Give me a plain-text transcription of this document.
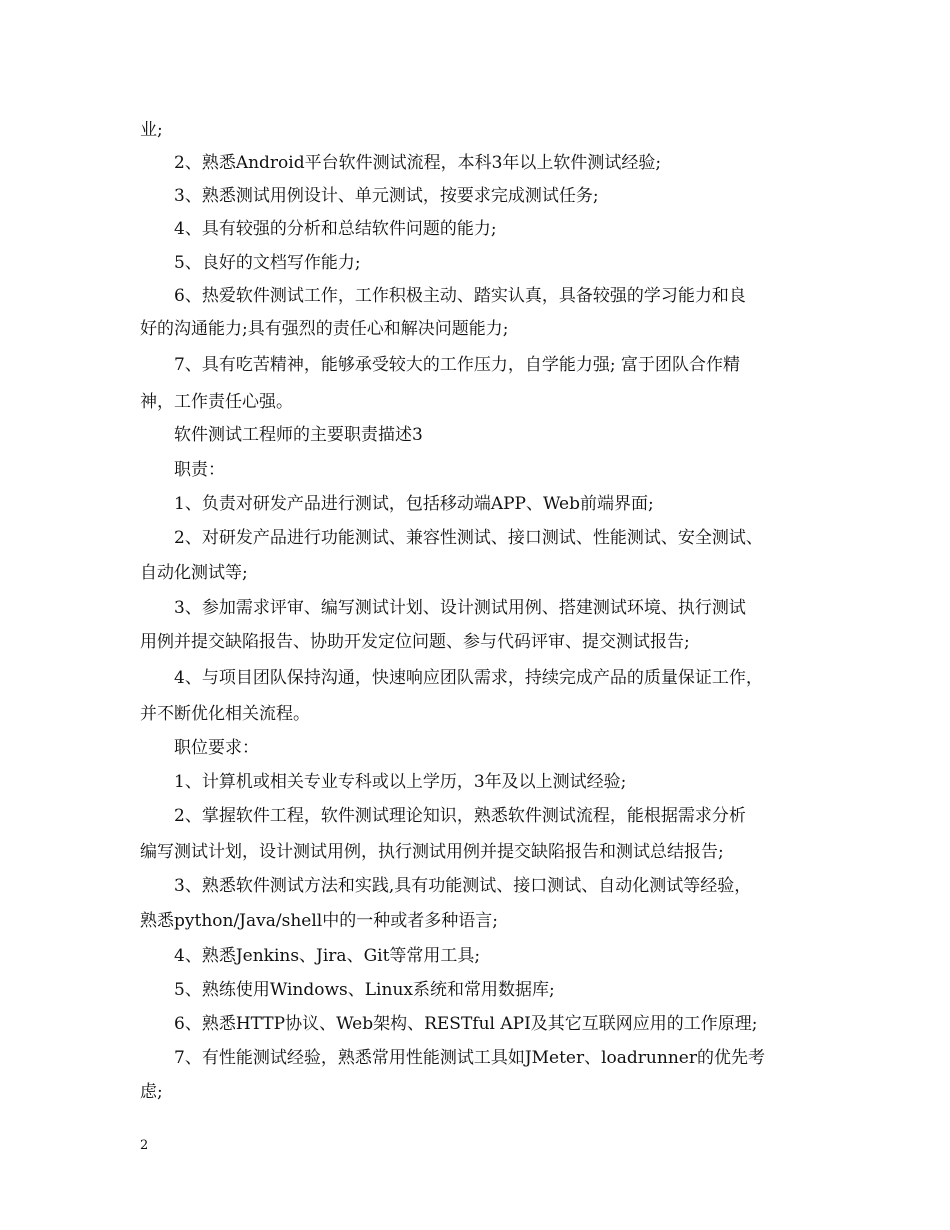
业;
2、熟悉Android平台软件测试流程，本科3年以上软件测试经验;
3、熟悉测试用例设计、单元测试，按要求完成测试任务;
4、具有较强的分析和总结软件问题的能力;
5、良好的文档写作能力;
6、热爱软件测试工作，工作积极主动、踏实认真，具备较强的学习能力和良
好的沟通能力;具有强烈的责任心和解决问题能力;
7、具有吃苦精神，能够承受较大的工作压力，自学能力强; 富于团队合作精
神，工作责任心强。
软件测试工程师的主要职责描述3
职责：
1、负责对研发产品进行测试，包括移动端APP、Web前端界面;
2、对研发产品进行功能测试、兼容性测试、接口测试、性能测试、安全测试、
自动化测试等;
3、参加需求评审、编写测试计划、设计测试用例、搭建测试环境、执行测试
用例并提交缺陷报告、协助开发定位问题、参与代码评审、提交测试报告;
4、与项目团队保持沟通，快速响应团队需求，持续完成产品的质量保证工作，
并不断优化相关流程。
职位要求：
1、计算机或相关专业专科或以上学历，3年及以上测试经验;
2、掌握软件工程，软件测试理论知识，熟悉软件测试流程，能根据需求分析
编写测试计划，设计测试用例，执行测试用例并提交缺陷报告和测试总结报告;
3、熟悉软件测试方法和实践,具有功能测试、接口测试、自动化测试等经验，
熟悉python/Java/shell中的一种或者多种语言;
4、熟悉Jenkins、Jira、Git等常用工具;
5、熟练使用Windows、Linux系统和常用数据库;
6、熟悉HTTP协议、Web架构、RESTful API及其它互联网应用的工作原理;
7、有性能测试经验，熟悉常用性能测试工具如JMeter、loadrunner的优先考
虑;
2
